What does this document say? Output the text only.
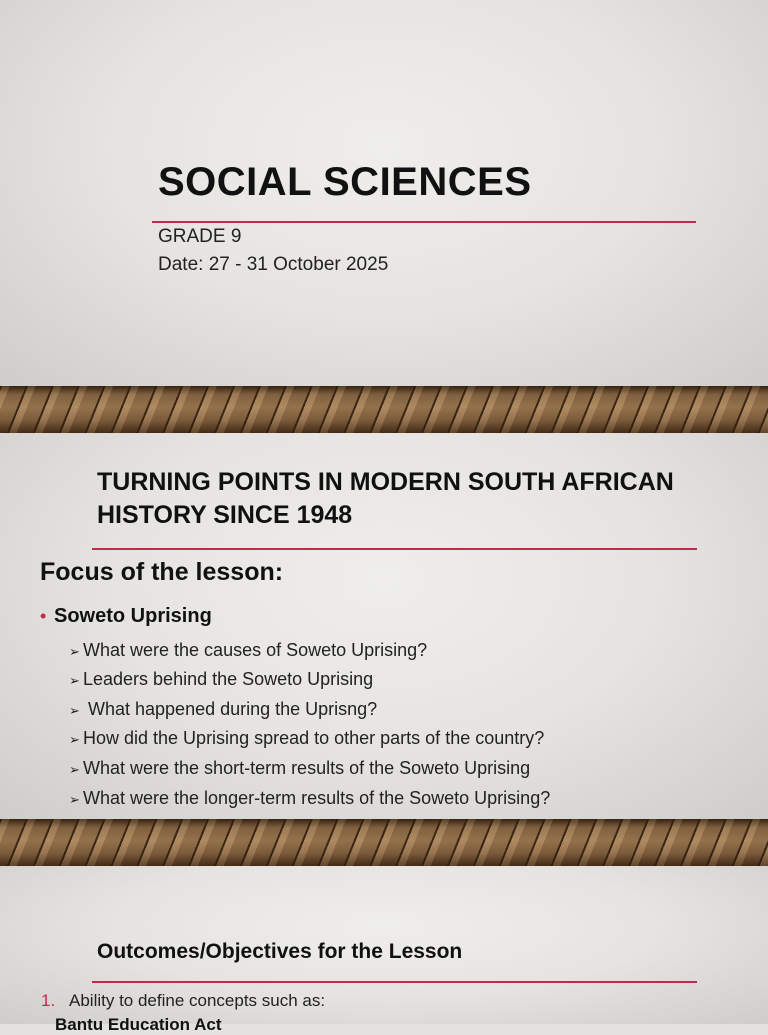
SOCIAL SCIENCES
GRADE 9
Date: 27 - 31 October 2025
TURNING POINTS IN MODERN SOUTH AFRICAN HISTORY SINCE 1948
Focus of the lesson:
• Soweto Uprising
➢ What were the causes of Soweto Uprising?
➢ Leaders behind the Soweto Uprising
➢ What happened during the Uprisng?
➢ How did the Uprising spread to other parts of the country?
➢ What were the short-term results of the Soweto Uprising
➢ What were the longer-term results of the Soweto Uprising?
Outcomes/Objectives for the Lesson
1. Ability to define concepts such as:
Bantu Education Act
